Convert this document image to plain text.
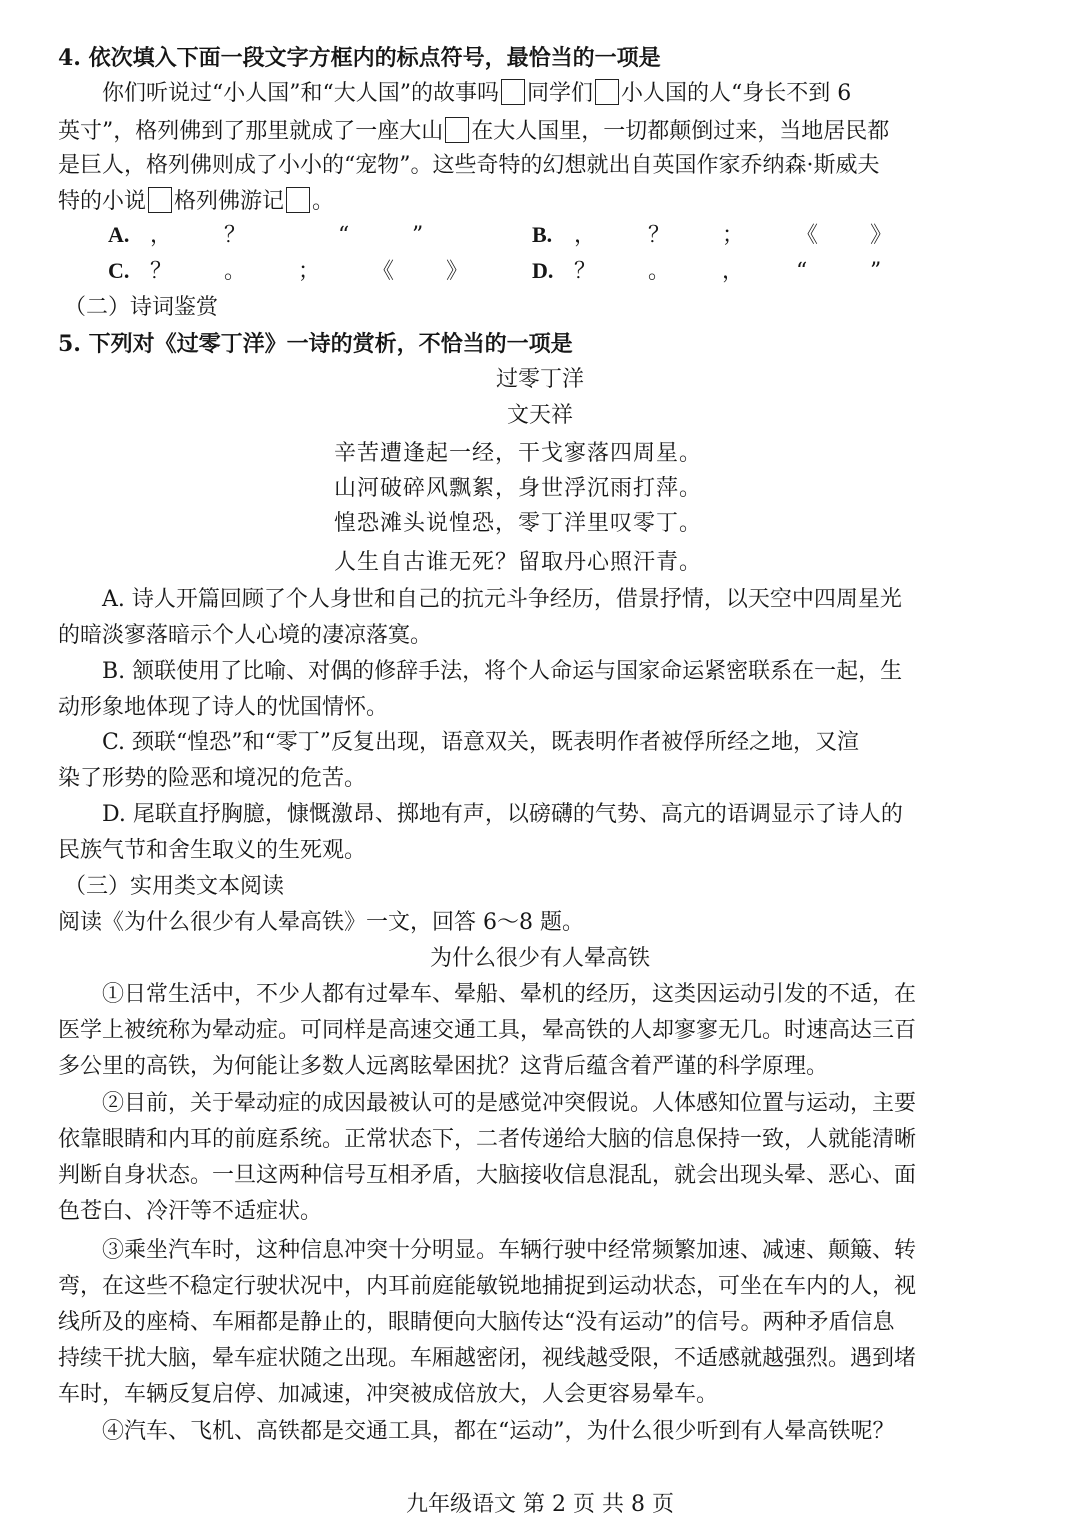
4. 依次填入下面一段文字方框内的标点符号，最恰当的一项是
你们听说过“小人国”和“大人国”的故事吗 同学们 小人国的人“身长不到 6
英寸”，格列佛到了那里就成了一座大山 在大人国里，一切都颠倒过来，当地居民都
是巨人，格列佛则成了小小的“宠物”。这些奇特的幻想就出自英国作家乔纳森·斯威夫
特的小说 格列佛游记 。
A. ， ？	“	”	B. ， ？ ； 《 》
C. ？ 。 ； 《 》	D. ？ 。 ， “	”
（二）诗词鉴赏
5. 下列对《过零丁洋》一诗的赏析，不恰当的一项是
过零丁洋
文天祥
辛苦遭逢起一经，干戈寥落四周星。
山河破碎风飘絮，身世浮沉雨打萍。
惶恐滩头说惶恐，零丁洋里叹零丁。
人生自古谁无死？留取丹心照汗青。
A. 诗人开篇回顾了个人身世和自己的抗元斗争经历，借景抒情，以天空中四周星光
的暗淡寥落暗示个人心境的凄凉落寞。
B. 颔联使用了比喻、对偶的修辞手法，将个人命运与国家命运紧密联系在一起，生
动形象地体现了诗人的忧国情怀。
C. 颈联“惶恐”和“零丁”反复出现，语意双关，既表明作者被俘所经之地，又渲
染了形势的险恶和境况的危苦。
D. 尾联直抒胸臆，慷慨激昂、掷地有声，以磅礴的气势、高亢的语调显示了诗人的
民族气节和舍生取义的生死观。
（三）实用类文本阅读
阅读《为什么很少有人晕高铁》一文，回答 6～8 题。
为什么很少有人晕高铁
①日常生活中，不少人都有过晕车、晕船、晕机的经历，这类因运动引发的不适，在
医学上被统称为晕动症。可同样是高速交通工具，晕高铁的人却寥寥无几。时速高达三百
多公里的高铁，为何能让多数人远离眩晕困扰？这背后蕴含着严谨的科学原理。
②目前，关于晕动症的成因最被认可的是感觉冲突假说。人体感知位置与运动，主要
依靠眼睛和内耳的前庭系统。正常状态下，二者传递给大脑的信息保持一致，人就能清晰
判断自身状态。一旦这两种信号互相矛盾，大脑接收信息混乱，就会出现头晕、恶心、面
色苍白、冷汗等不适症状。
③乘坐汽车时，这种信息冲突十分明显。车辆行驶中经常频繁加速、减速、颠簸、转
弯，在这些不稳定行驶状况中，内耳前庭能敏锐地捕捉到运动状态，可坐在车内的人，视
线所及的座椅、车厢都是静止的，眼睛便向大脑传达“没有运动”的信号。两种矛盾信息
持续干扰大脑，晕车症状随之出现。车厢越密闭，视线越受限，不适感就越强烈。遇到堵
车时，车辆反复启停、加减速，冲突被成倍放大，人会更容易晕车。
④汽车、飞机、高铁都是交通工具，都在“运动”，为什么很少听到有人晕高铁呢？
九年级语文 第 2 页 共 8 页
